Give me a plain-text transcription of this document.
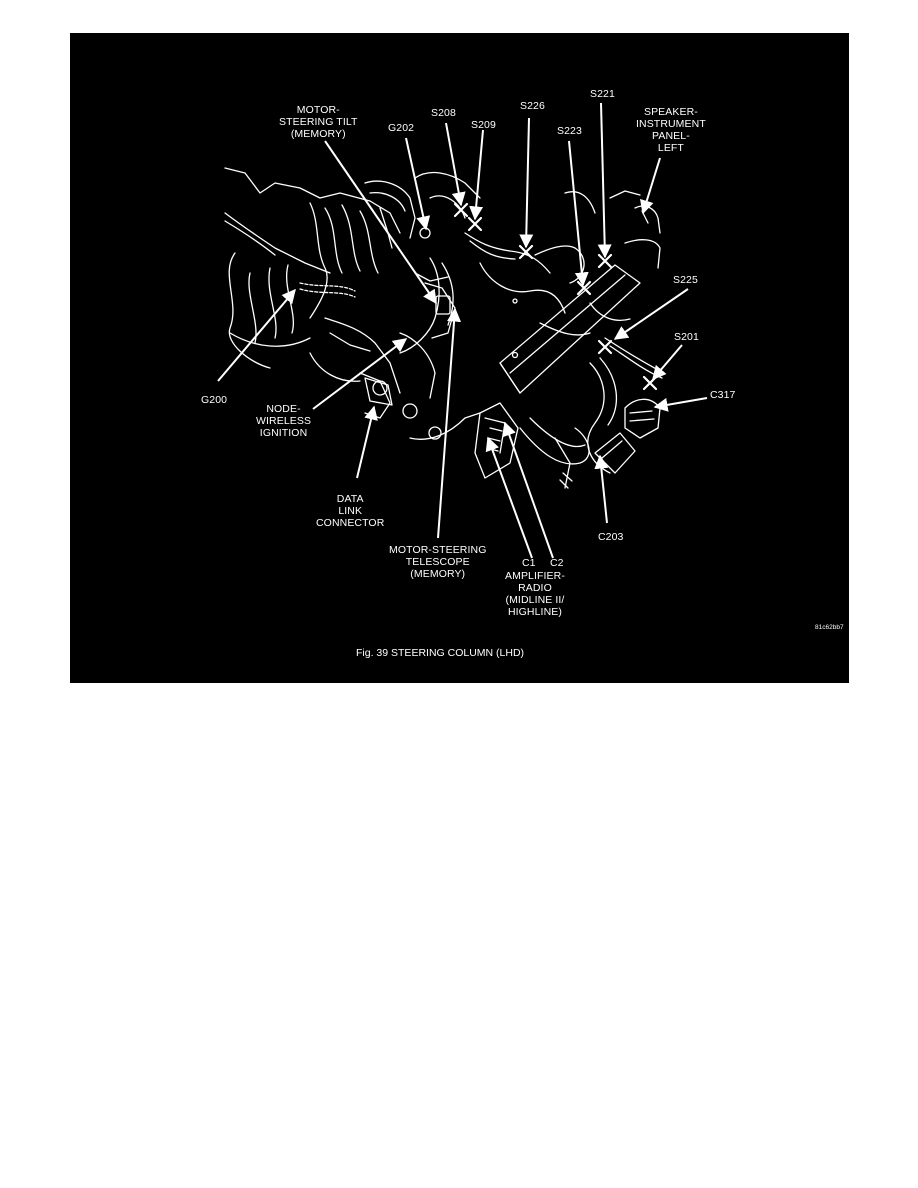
MOTOR-
STEERING TILT
(MEMORY)	G202
S208
S209
S226
S221
S223
SPEAKER-
INSTRUMENT
PANEL-
LEFT
S225
S201
C317
G200
NODE-
WIRELESS
IGNITION
DATA
LINK
CONNECTOR
MOTOR-STEERING
TELESCOPE
(MEMORY)
C1 C2
AMPLIFIER-
RADIO
(MIDLINE II/
HIGHLINE)
C203
81c62bb7
Fig. 39 STEERING COLUMN (LHD)
